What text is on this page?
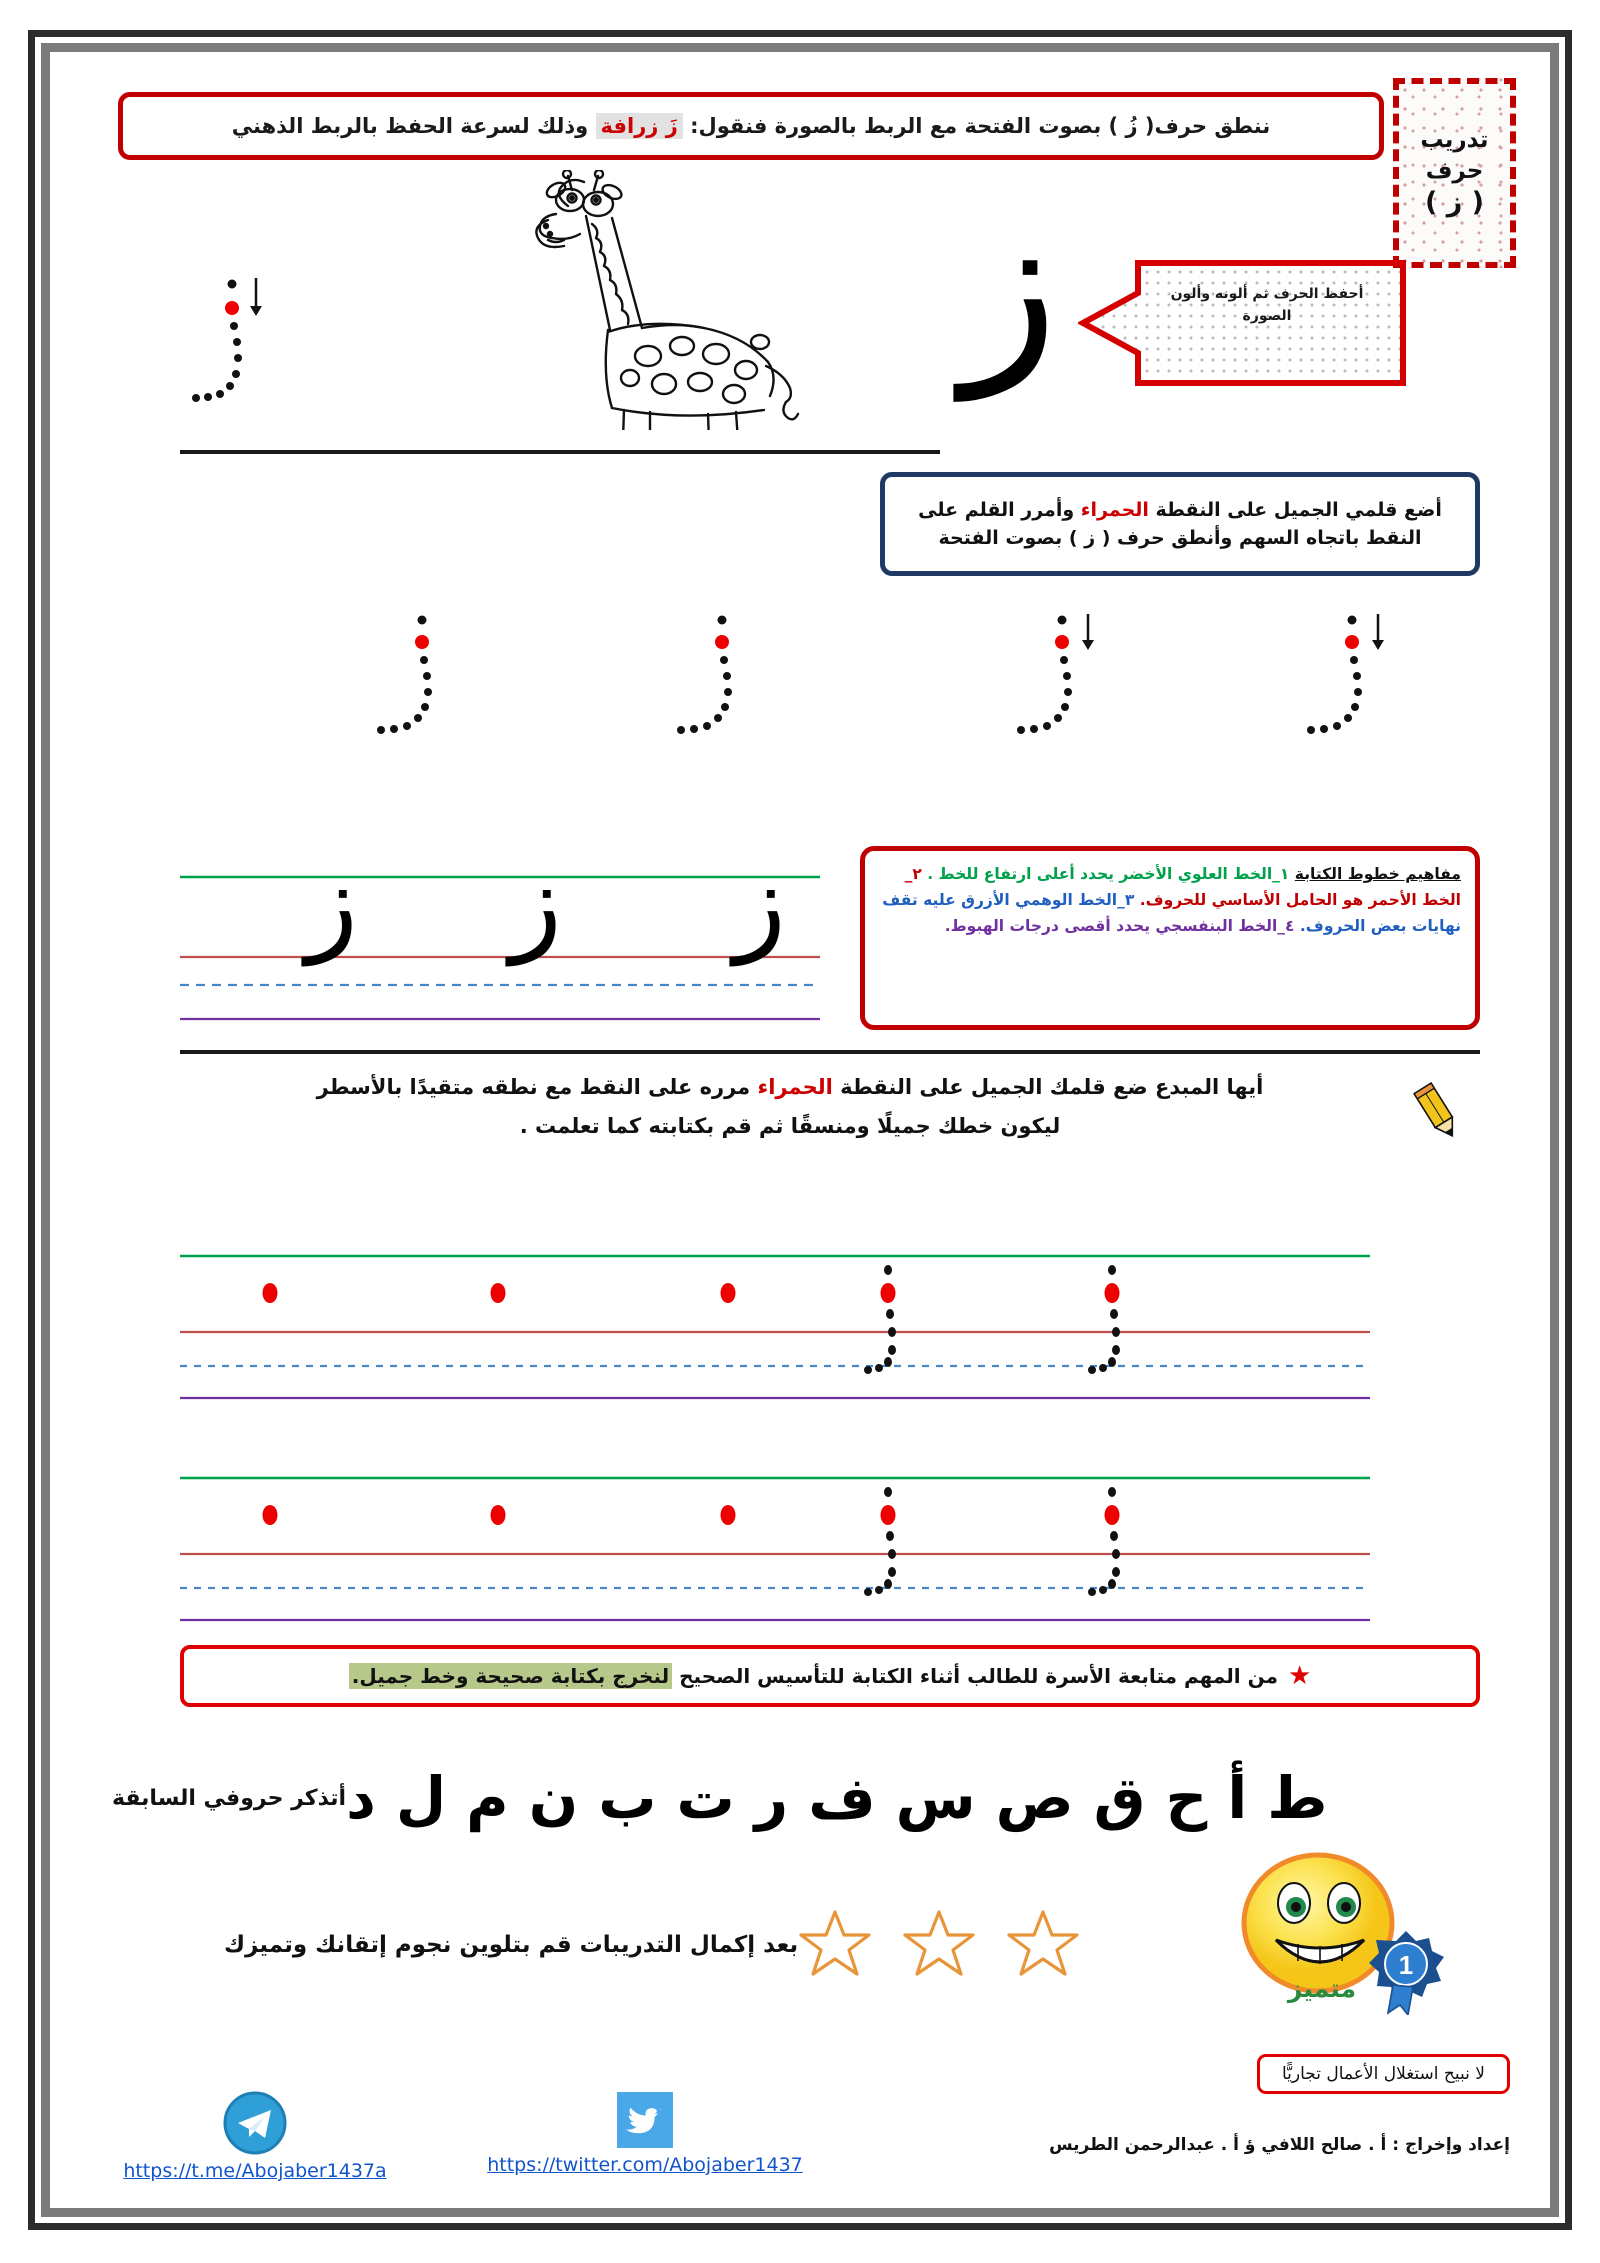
ننطق حرف( زُ ) بصوت الفتحة مع الربط بالصورة فنقول: زَ زرافة وذلك لسرعة الحفظ بالربط الذهني
تدريب
حرف
( ز )
أحفظ الحرف ثم ألونه وألون
الصورة
ز
أضع قلمي الجميل على النقطة الحمراء وأمرر القلم على
النقط باتجاه السهم وأنطق حرف ( ز ) بصوت الفتحة

مفاهيم خطوط الكتابة ١_الخط العلوي الأخضر يحدد أعلى ارتفاع للخط . ٢_ الخط الأحمر هو الحامل الأساسي للحروف. ٣_الخط الوهمي الأزرق عليه تقف نهايات بعض الحروف. ٤_الخط البنفسجي يحدد أقصى درجات الهبوط.

ز
ز
ز

أيها المبدع ضع قلمك الجميل على النقطة الحمراء مرره على النقط مع نطقه متقيدًا بالأسطر

ليكون خطك جميلًا ومنسقًا ثم قم بكتابته كما تعلمت .

★
من المهم متابعة الأسرة للطالب أثناء الكتابة للتأسيس الصحيح لنخرج بكتابة صحيحة وخط جميل.
ط
أ
ح
ق
ص
س
ف
ر
ت
ب
ن
م
ل
د
أتذكر حروفي السابقة
بعد إكمال التدريبات قم بتلوين نجوم إتقانك وتميزك
1
متميز
https://t.me/Abojaber1437a	https://twitter.com/Abojaber1437
لا نبيح استغلال الأعمال تجاريًّا
إعداد وإخراج : أ . صالح اللافي ؤ أ . عبدالرحمن الطريس
